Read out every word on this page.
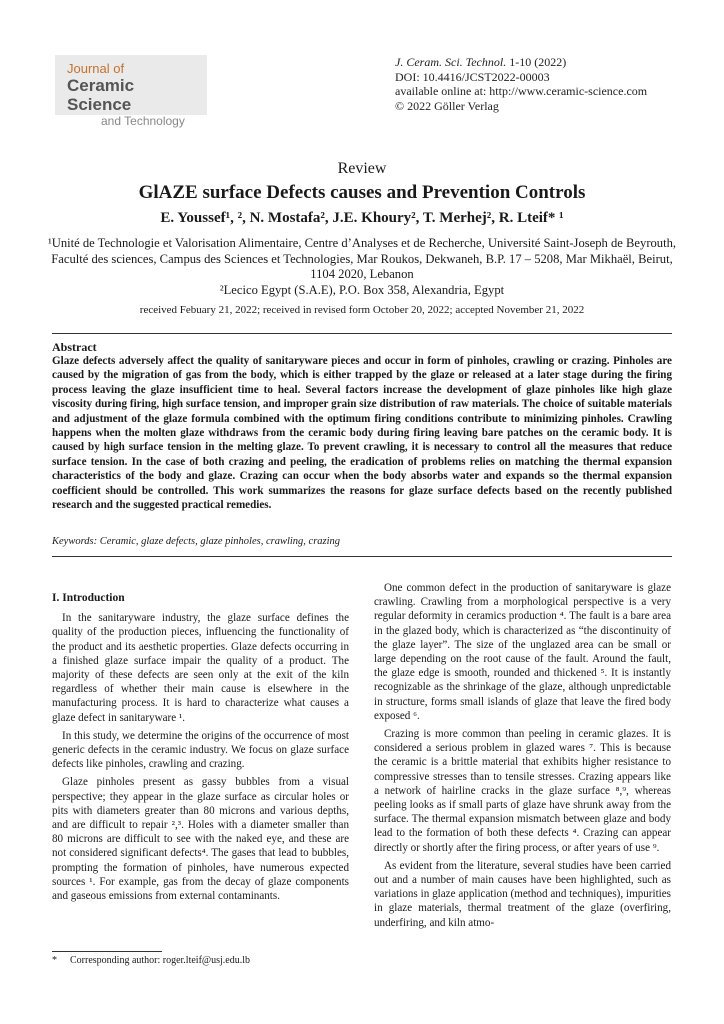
Journal of
Ceramic Science
and Technology
J. Ceram. Sci. Technol. 1-10 (2022)
DOI: 10.4416/JCST2022-00003
available online at: http://www.ceramic-science.com
© 2022 Göller Verlag
Review
GlAZE surface Defects causes and Prevention Controls
E. Youssef¹, ², N. Mostafa², J.E. Khoury², T. Merhej², R. Lteif* ¹
¹Unité de Technologie et Valorisation Alimentaire, Centre d’Analyses et de Recherche, Université Saint-Joseph de Beyrouth, Faculté des sciences, Campus des Sciences et Technologies, Mar Roukos, Dekwaneh, B.P. 17 – 5208, Mar Mikhaël, Beirut, 1104 2020, Lebanon
²Lecico Egypt (S.A.E), P.O. Box 358, Alexandria, Egypt
received Febuary 21, 2022; received in revised form October 20, 2022; accepted November 21, 2022
Abstract
Glaze defects adversely affect the quality of sanitaryware pieces and occur in form of pinholes, crawling or crazing. Pinholes are caused by the migration of gas from the body, which is either trapped by the glaze or released at a later stage during the firing process leaving the glaze insufficient time to heal. Several factors increase the development of glaze pinholes like high glaze viscosity during firing, high surface tension, and improper grain size distribution of raw materials. The choice of suitable materials and adjustment of the glaze formula combined with the optimum firing conditions contribute to minimizing pinholes. Crawling happens when the molten glaze withdraws from the ceramic body during firing leaving bare patches on the ceramic body. It is caused by high surface tension in the melting glaze. To prevent crawling, it is necessary to control all the measures that reduce surface tension. In the case of both crazing and peeling, the eradication of problems relies on matching the thermal expansion characteristics of the body and glaze. Crazing can occur when the body absorbs water and expands so the thermal expansion coefficient should be controlled. This work summarizes the reasons for glaze surface defects based on the recently published research and the suggested practical remedies.
Keywords: Ceramic, glaze defects, glaze pinholes, crawling, crazing
I. Introduction

In the sanitaryware industry, the glaze surface defines the quality of the production pieces, influencing the functionality of the product and its aesthetic properties. Glaze defects occurring in a finished glaze surface impair the quality of a product. The majority of these defects are seen only at the exit of the kiln regardless of whether their main cause is elsewhere in the manufacturing process. It is hard to characterize what causes a glaze defect in sanitaryware ¹.

In this study, we determine the origins of the occurrence of most generic defects in the ceramic industry. We focus on glaze surface defects like pinholes, crawling and crazing.

Glaze pinholes present as gassy bubbles from a visual perspective; they appear in the glaze surface as circular holes or pits with diameters greater than 80 microns and various depths, and are difficult to repair ²,³. Holes with a diameter smaller than 80 microns are difficult to see with the naked eye, and these are not considered significant defects⁴. The gases that lead to bubbles, prompting the formation of pinholes, have numerous expected sources ¹. For example, gas from the decay of glaze components and gaseous emissions from external contaminants.

One common defect in the production of sanitaryware is glaze crawling. Crawling from a morphological perspective is a very regular deformity in ceramics production ⁴. The fault is a bare area in the glazed body, which is characterized as “the discontinuity of the glaze layer”. The size of the unglazed area can be small or large depending on the root cause of the fault. Around the fault, the glaze edge is smooth, rounded and thickened ⁵. It is instantly recognizable as the shrinkage of the glaze, although unpredictable in structure, forms small islands of glaze that leave the fired body exposed ⁶.

Crazing is more common than peeling in ceramic glazes. It is considered a serious problem in glazed wares ⁷. This is because the ceramic is a brittle material that exhibits higher resistance to compressive stresses than to tensile stresses. Crazing appears like a network of hairline cracks in the glaze surface ⁸,⁹, whereas peeling looks as if small parts of glaze have shrunk away from the surface. The thermal expansion mismatch between glaze and body lead to the formation of both these defects ⁴. Crazing can appear directly or shortly after the firing process, or after years of use ⁹.

As evident from the literature, several studies have been carried out and a number of main causes have been highlighted, such as variations in glaze application (method and techniques), impurities in glaze materials, thermal treatment of the glaze (overfiring, underfiring, and kiln atmo-

* Corresponding author: roger.lteif@usj.edu.lb
